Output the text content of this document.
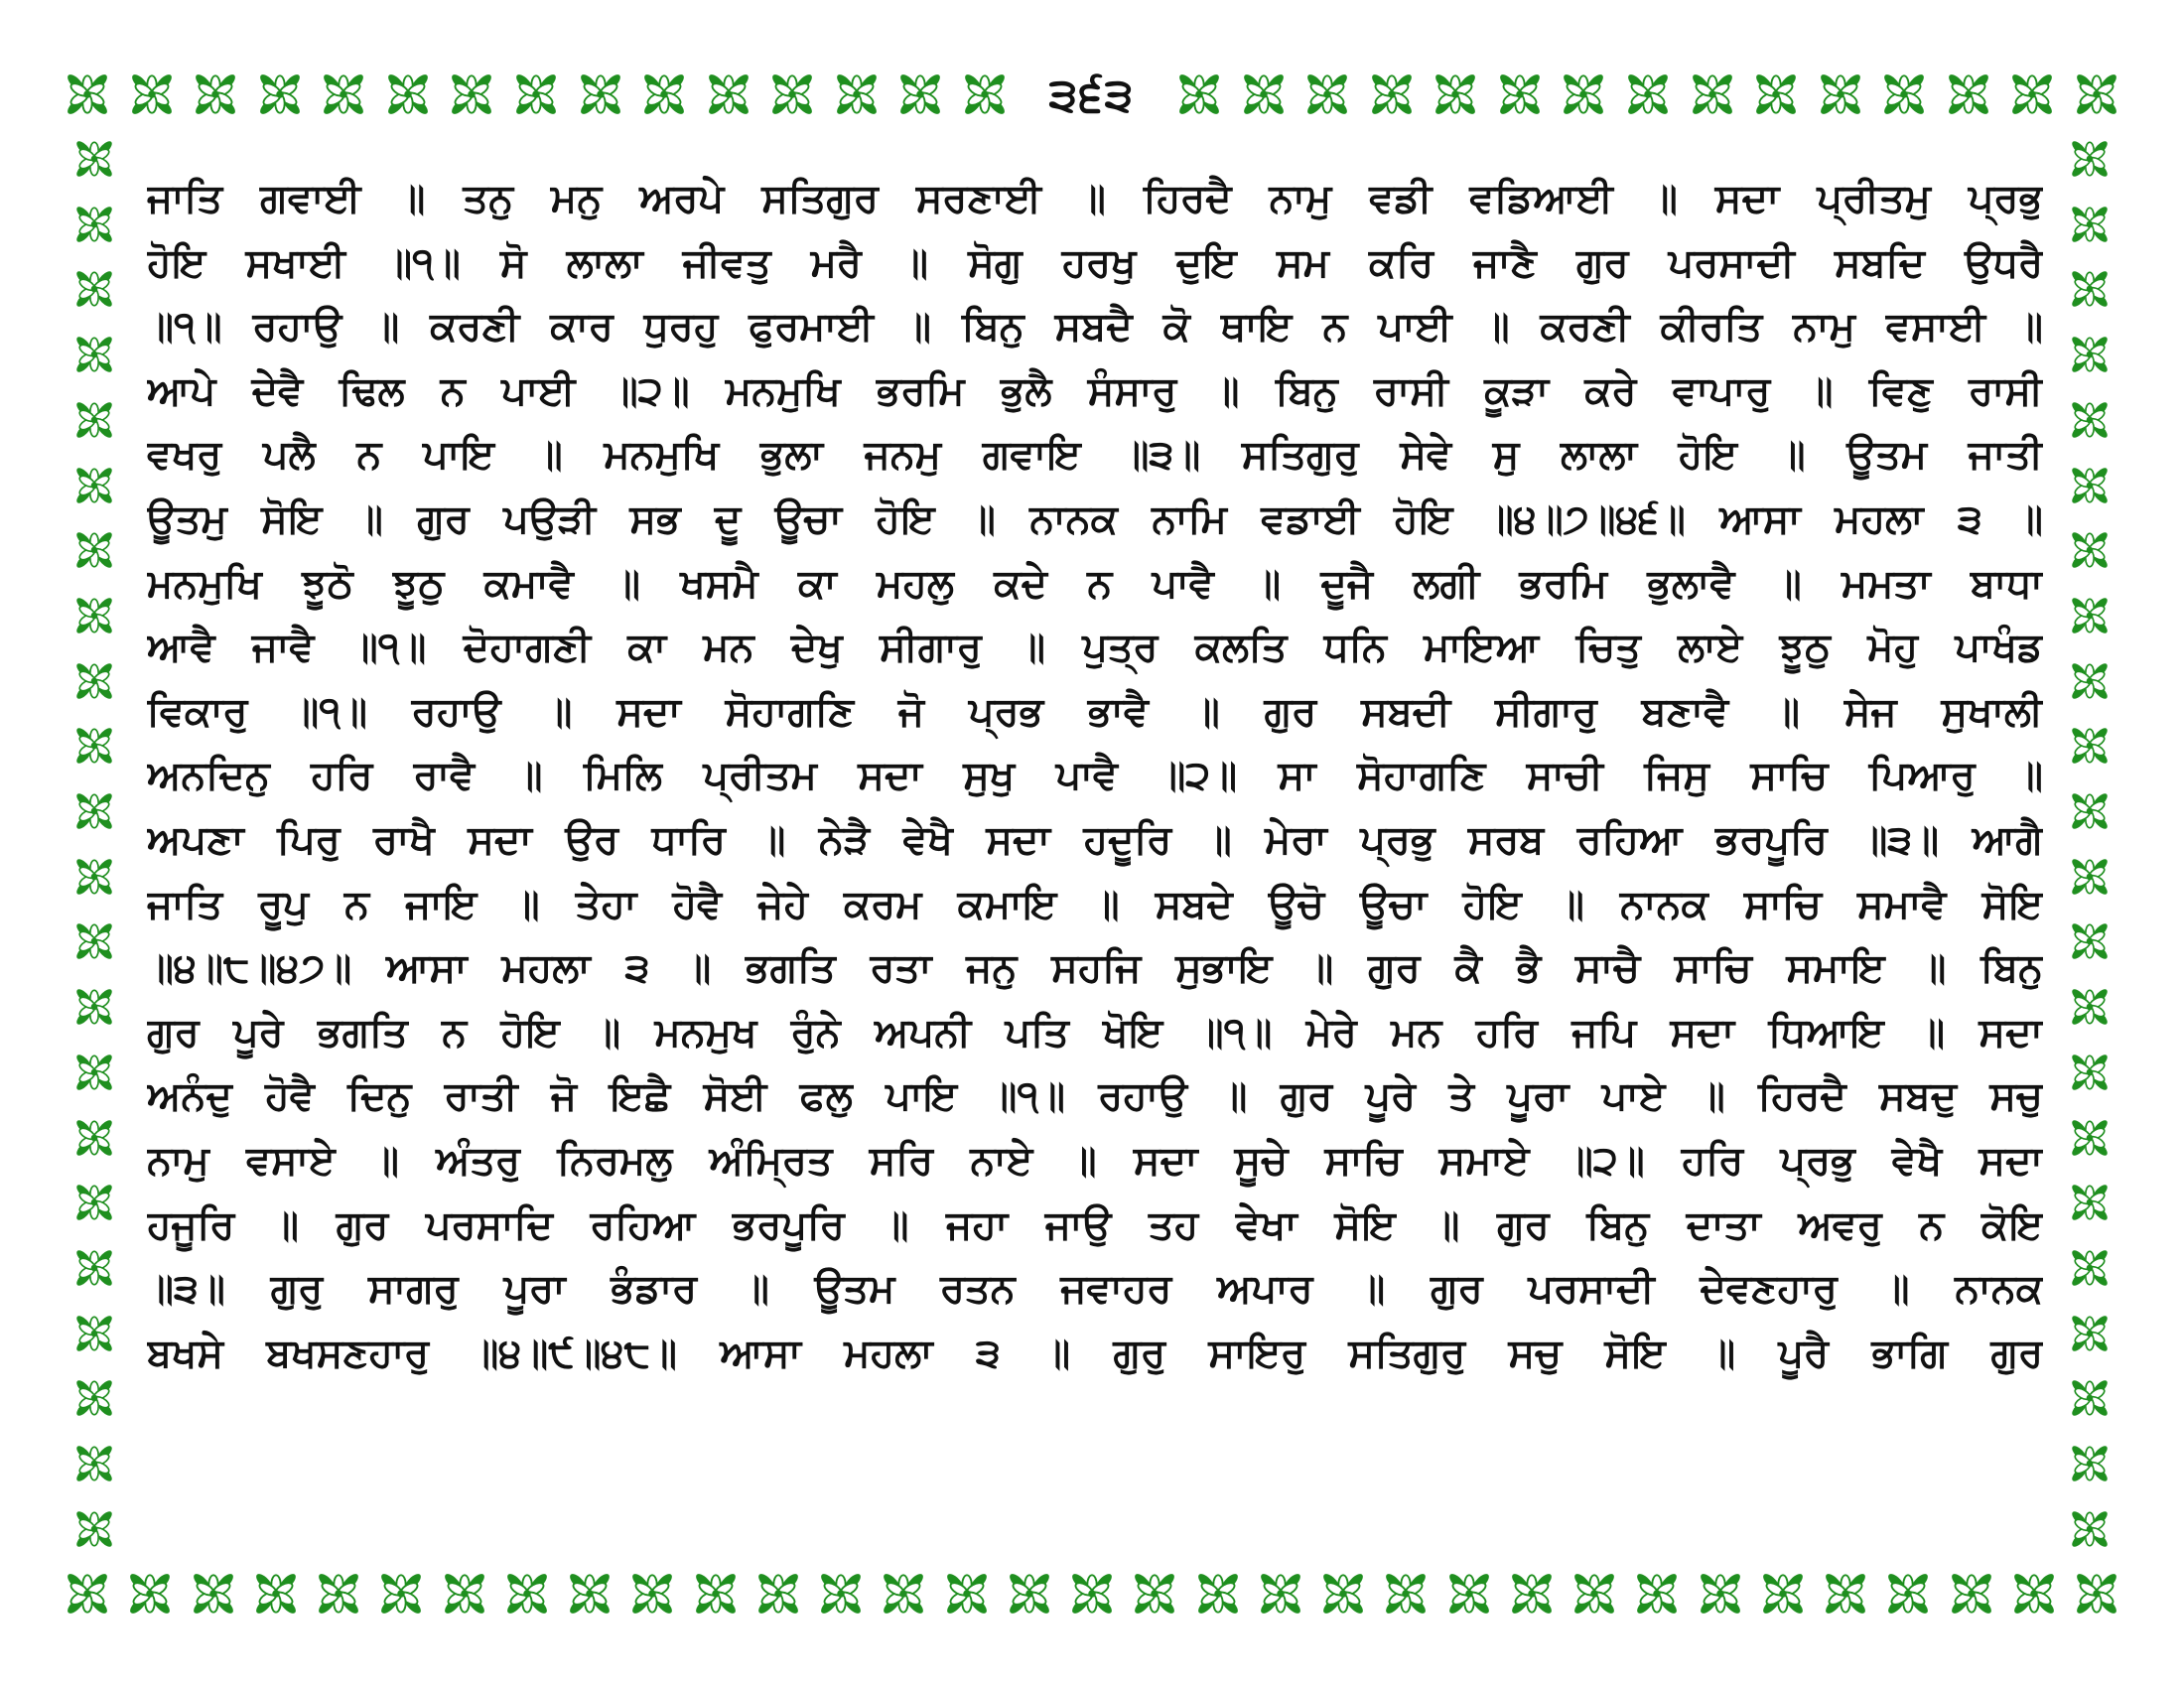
੩੬੩
ਜਾਤਿ ਗਵਾਈ ॥ ਤਨੁ ਮਨੁ ਅਰਪੇ ਸਤਿਗੁਰ ਸਰਣਾਈ ॥ ਹਿਰਦੈ ਨਾਮੁ ਵਡੀ ਵਡਿਆਈ ॥ ਸਦਾ ਪ੍ਰੀਤਮੁ ਪ੍ਰਭੁ
ਹੋਇ ਸਖਾਈ ॥੧॥ ਸੋ ਲਾਲਾ ਜੀਵਤੁ ਮਰੈ ॥ ਸੋਗੁ ਹਰਖੁ ਦੁਇ ਸਮ ਕਰਿ ਜਾਣੈ ਗੁਰ ਪਰਸਾਦੀ ਸਬਦਿ ਉਧਰੈ
॥੧॥ ਰਹਾਉ ॥ ਕਰਣੀ ਕਾਰ ਧੁਰਹੁ ਫੁਰਮਾਈ ॥ ਬਿਨੁ ਸਬਦੈ ਕੋ ਥਾਇ ਨ ਪਾਈ ॥ ਕਰਣੀ ਕੀਰਤਿ ਨਾਮੁ ਵਸਾਈ ॥
ਆਪੇ ਦੇਵੈ ਢਿਲ ਨ ਪਾਈ ॥੨॥ ਮਨਮੁਖਿ ਭਰਮਿ ਭੁਲੈ ਸੰਸਾਰੁ ॥ ਬਿਨੁ ਰਾਸੀ ਕੂੜਾ ਕਰੇ ਵਾਪਾਰੁ ॥ ਵਿਣੁ ਰਾਸੀ
ਵਖਰੁ ਪਲੈ ਨ ਪਾਇ ॥ ਮਨਮੁਖਿ ਭੁਲਾ ਜਨਮੁ ਗਵਾਇ ॥੩॥ ਸਤਿਗੁਰੁ ਸੇਵੇ ਸੁ ਲਾਲਾ ਹੋਇ ॥ ਊਤਮ ਜਾਤੀ
ਊਤਮੁ ਸੋਇ ॥ ਗੁਰ ਪਉੜੀ ਸਭ ਦੂ ਊਚਾ ਹੋਇ ॥ ਨਾਨਕ ਨਾਮਿ ਵਡਾਈ ਹੋਇ ॥੪॥੭॥੪੬॥ ਆਸਾ ਮਹਲਾ ੩ ॥
ਮਨਮੁਖਿ ਝੂਠੋ ਝੂਠੁ ਕਮਾਵੈ ॥ ਖਸਮੈ ਕਾ ਮਹਲੁ ਕਦੇ ਨ ਪਾਵੈ ॥ ਦੂਜੈ ਲਗੀ ਭਰਮਿ ਭੁਲਾਵੈ ॥ ਮਮਤਾ ਬਾਧਾ
ਆਵੈ ਜਾਵੈ ॥੧॥ ਦੋਹਾਗਣੀ ਕਾ ਮਨ ਦੇਖੁ ਸੀਗਾਰੁ ॥ ਪੁਤ੍ਰ ਕਲਤਿ ਧਨਿ ਮਾਇਆ ਚਿਤੁ ਲਾਏ ਝੂਠੁ ਮੋਹੁ ਪਾਖੰਡ
ਵਿਕਾਰੁ ॥੧॥ ਰਹਾਉ ॥ ਸਦਾ ਸੋਹਾਗਣਿ ਜੋ ਪ੍ਰਭ ਭਾਵੈ ॥ ਗੁਰ ਸਬਦੀ ਸੀਗਾਰੁ ਬਣਾਵੈ ॥ ਸੇਜ ਸੁਖਾਲੀ
ਅਨਦਿਨੁ ਹਰਿ ਰਾਵੈ ॥ ਮਿਲਿ ਪ੍ਰੀਤਮ ਸਦਾ ਸੁਖੁ ਪਾਵੈ ॥੨॥ ਸਾ ਸੋਹਾਗਣਿ ਸਾਚੀ ਜਿਸੁ ਸਾਚਿ ਪਿਆਰੁ ॥
ਅਪਣਾ ਪਿਰੁ ਰਾਖੈ ਸਦਾ ਉਰ ਧਾਰਿ ॥ ਨੇੜੈ ਵੇਖੈ ਸਦਾ ਹਦੂਰਿ ॥ ਮੇਰਾ ਪ੍ਰਭੁ ਸਰਬ ਰਹਿਆ ਭਰਪੂਰਿ ॥੩॥ ਆਗੈ
ਜਾਤਿ ਰੂਪੁ ਨ ਜਾਇ ॥ ਤੇਹਾ ਹੋਵੈ ਜੇਹੇ ਕਰਮ ਕਮਾਇ ॥ ਸਬਦੇ ਊਚੋ ਊਚਾ ਹੋਇ ॥ ਨਾਨਕ ਸਾਚਿ ਸਮਾਵੈ ਸੋਇ
॥੪॥੮॥੪੭॥ ਆਸਾ ਮਹਲਾ ੩ ॥ ਭਗਤਿ ਰਤਾ ਜਨੁ ਸਹਜਿ ਸੁਭਾਇ ॥ ਗੁਰ ਕੈ ਭੈ ਸਾਚੈ ਸਾਚਿ ਸਮਾਇ ॥ ਬਿਨੁ
ਗੁਰ ਪੂਰੇ ਭਗਤਿ ਨ ਹੋਇ ॥ ਮਨਮੁਖ ਰੁੰਨੇ ਅਪਨੀ ਪਤਿ ਖੋਇ ॥੧॥ ਮੇਰੇ ਮਨ ਹਰਿ ਜਪਿ ਸਦਾ ਧਿਆਇ ॥ ਸਦਾ
ਅਨੰਦੁ ਹੋਵੈ ਦਿਨੁ ਰਾਤੀ ਜੋ ਇਛੈ ਸੋਈ ਫਲੁ ਪਾਇ ॥੧॥ ਰਹਾਉ ॥ ਗੁਰ ਪੂਰੇ ਤੇ ਪੂਰਾ ਪਾਏ ॥ ਹਿਰਦੈ ਸਬਦੁ ਸਚੁ
ਨਾਮੁ ਵਸਾਏ ॥ ਅੰਤਰੁ ਨਿਰਮਲੁ ਅੰਮ੍ਰਿਤ ਸਰਿ ਨਾਏ ॥ ਸਦਾ ਸੂਚੇ ਸਾਚਿ ਸਮਾਏ ॥੨॥ ਹਰਿ ਪ੍ਰਭੁ ਵੇਖੈ ਸਦਾ
ਹਜੂਰਿ ॥ ਗੁਰ ਪਰਸਾਦਿ ਰਹਿਆ ਭਰਪੂਰਿ ॥ ਜਹਾ ਜਾਉ ਤਹ ਵੇਖਾ ਸੋਇ ॥ ਗੁਰ ਬਿਨੁ ਦਾਤਾ ਅਵਰੁ ਨ ਕੋਇ
॥੩॥ ਗੁਰੁ ਸਾਗਰੁ ਪੂਰਾ ਭੰਡਾਰ ॥ ਊਤਮ ਰਤਨ ਜਵਾਹਰ ਅਪਾਰ ॥ ਗੁਰ ਪਰਸਾਦੀ ਦੇਵਣਹਾਰੁ ॥ ਨਾਨਕ
ਬਖਸੇ ਬਖਸਣਹਾਰੁ ॥੪॥੯॥੪੮॥ ਆਸਾ ਮਹਲਾ ੩ ॥ ਗੁਰੁ ਸਾਇਰੁ ਸਤਿਗੁਰੁ ਸਚੁ ਸੋਇ ॥ ਪੂਰੈ ਭਾਗਿ ਗੁਰ
